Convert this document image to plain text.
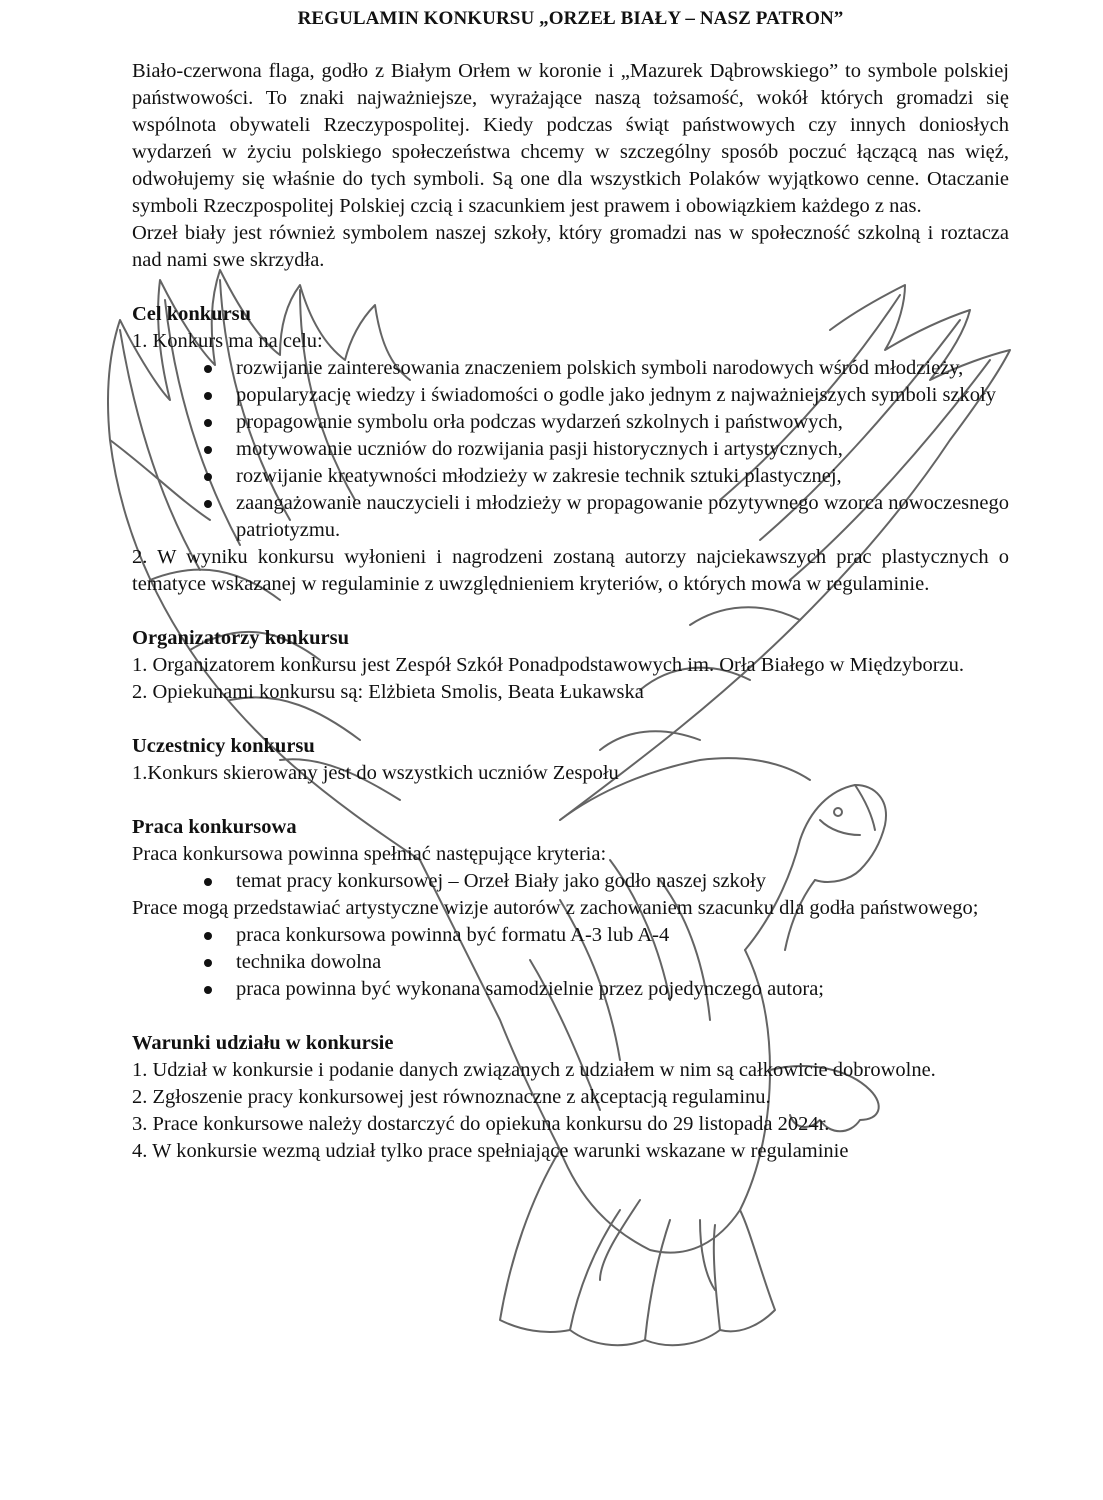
REGULAMIN KONKURSU „ORZEŁ BIAŁY – NASZ PATRON”

Biało-czerwona flaga, godło z Białym Orłem w koronie i „Mazurek Dąbrowskiego” to symbole polskiej państwowości. To znaki najważniejsze, wyrażające naszą tożsamość, wokół których gromadzi się wspólnota obywateli Rzeczypospolitej. Kiedy podczas świąt państwowych czy innych doniosłych wydarzeń w życiu polskiego społeczeństwa chcemy w szczególny sposób poczuć łączącą nas więź, odwołujemy się właśnie do tych symboli. Są one dla wszystkich Polaków wyjątkowo cenne. Otaczanie symboli Rzeczpospolitej Polskiej czcią i szacunkiem jest prawem i obowiązkiem każdego z nas.

Orzeł biały jest również symbolem naszej szkoły, który gromadzi nas w społeczność szkolną i roztacza nad nami swe skrzydła.

Cel konkursu

1. Konkurs ma na celu:

rozwijanie zainteresowania znaczeniem polskich symboli narodowych wśród młodzieży,
popularyzację wiedzy i świadomości o godle jako jednym z najważniejszych symboli szkoły
propagowanie symbolu orła podczas wydarzeń szkolnych i państwowych,
motywowanie uczniów do rozwijania pasji historycznych i artystycznych,
rozwijanie kreatywności młodzieży w zakresie technik sztuki plastycznej,
zaangażowanie nauczycieli i młodzieży w propagowanie pozytywnego wzorca nowoczesnego patriotyzmu.

2. W wyniku konkursu wyłonieni i nagrodzeni zostaną autorzy najciekawszych prac plastycznych o tematyce wskazanej w regulaminie z uwzględnieniem kryteriów, o których mowa w regulaminie.

Organizatorzy konkursu

1. Organizatorem konkursu jest Zespół Szkół Ponadpodstawowych im. Orła Białego w Międzyborzu.

2. Opiekunami konkursu są: Elżbieta Smolis, Beata Łukawska

Uczestnicy konkursu

1.Konkurs skierowany jest do wszystkich uczniów Zespołu

Praca konkursowa

Praca konkursowa powinna spełniać następujące kryteria:

temat pracy konkursowej – Orzeł Biały jako godło naszej szkoły

Prace mogą przedstawiać artystyczne wizje autorów z zachowaniem szacunku dla godła państwowego;

praca konkursowa powinna być formatu A-3 lub A-4
technika dowolna
praca powinna być wykonana samodzielnie przez pojedynczego autora;

Warunki udziału w konkursie

1. Udział w konkursie i podanie danych związanych z udziałem w nim są całkowicie dobrowolne.

2. Zgłoszenie pracy konkursowej jest równoznaczne z akceptacją regulaminu.

3. Prace konkursowe należy dostarczyć do opiekuna konkursu do 29 listopada 2024r.

4. W konkursie wezmą udział tylko prace spełniające warunki wskazane w regulaminie
